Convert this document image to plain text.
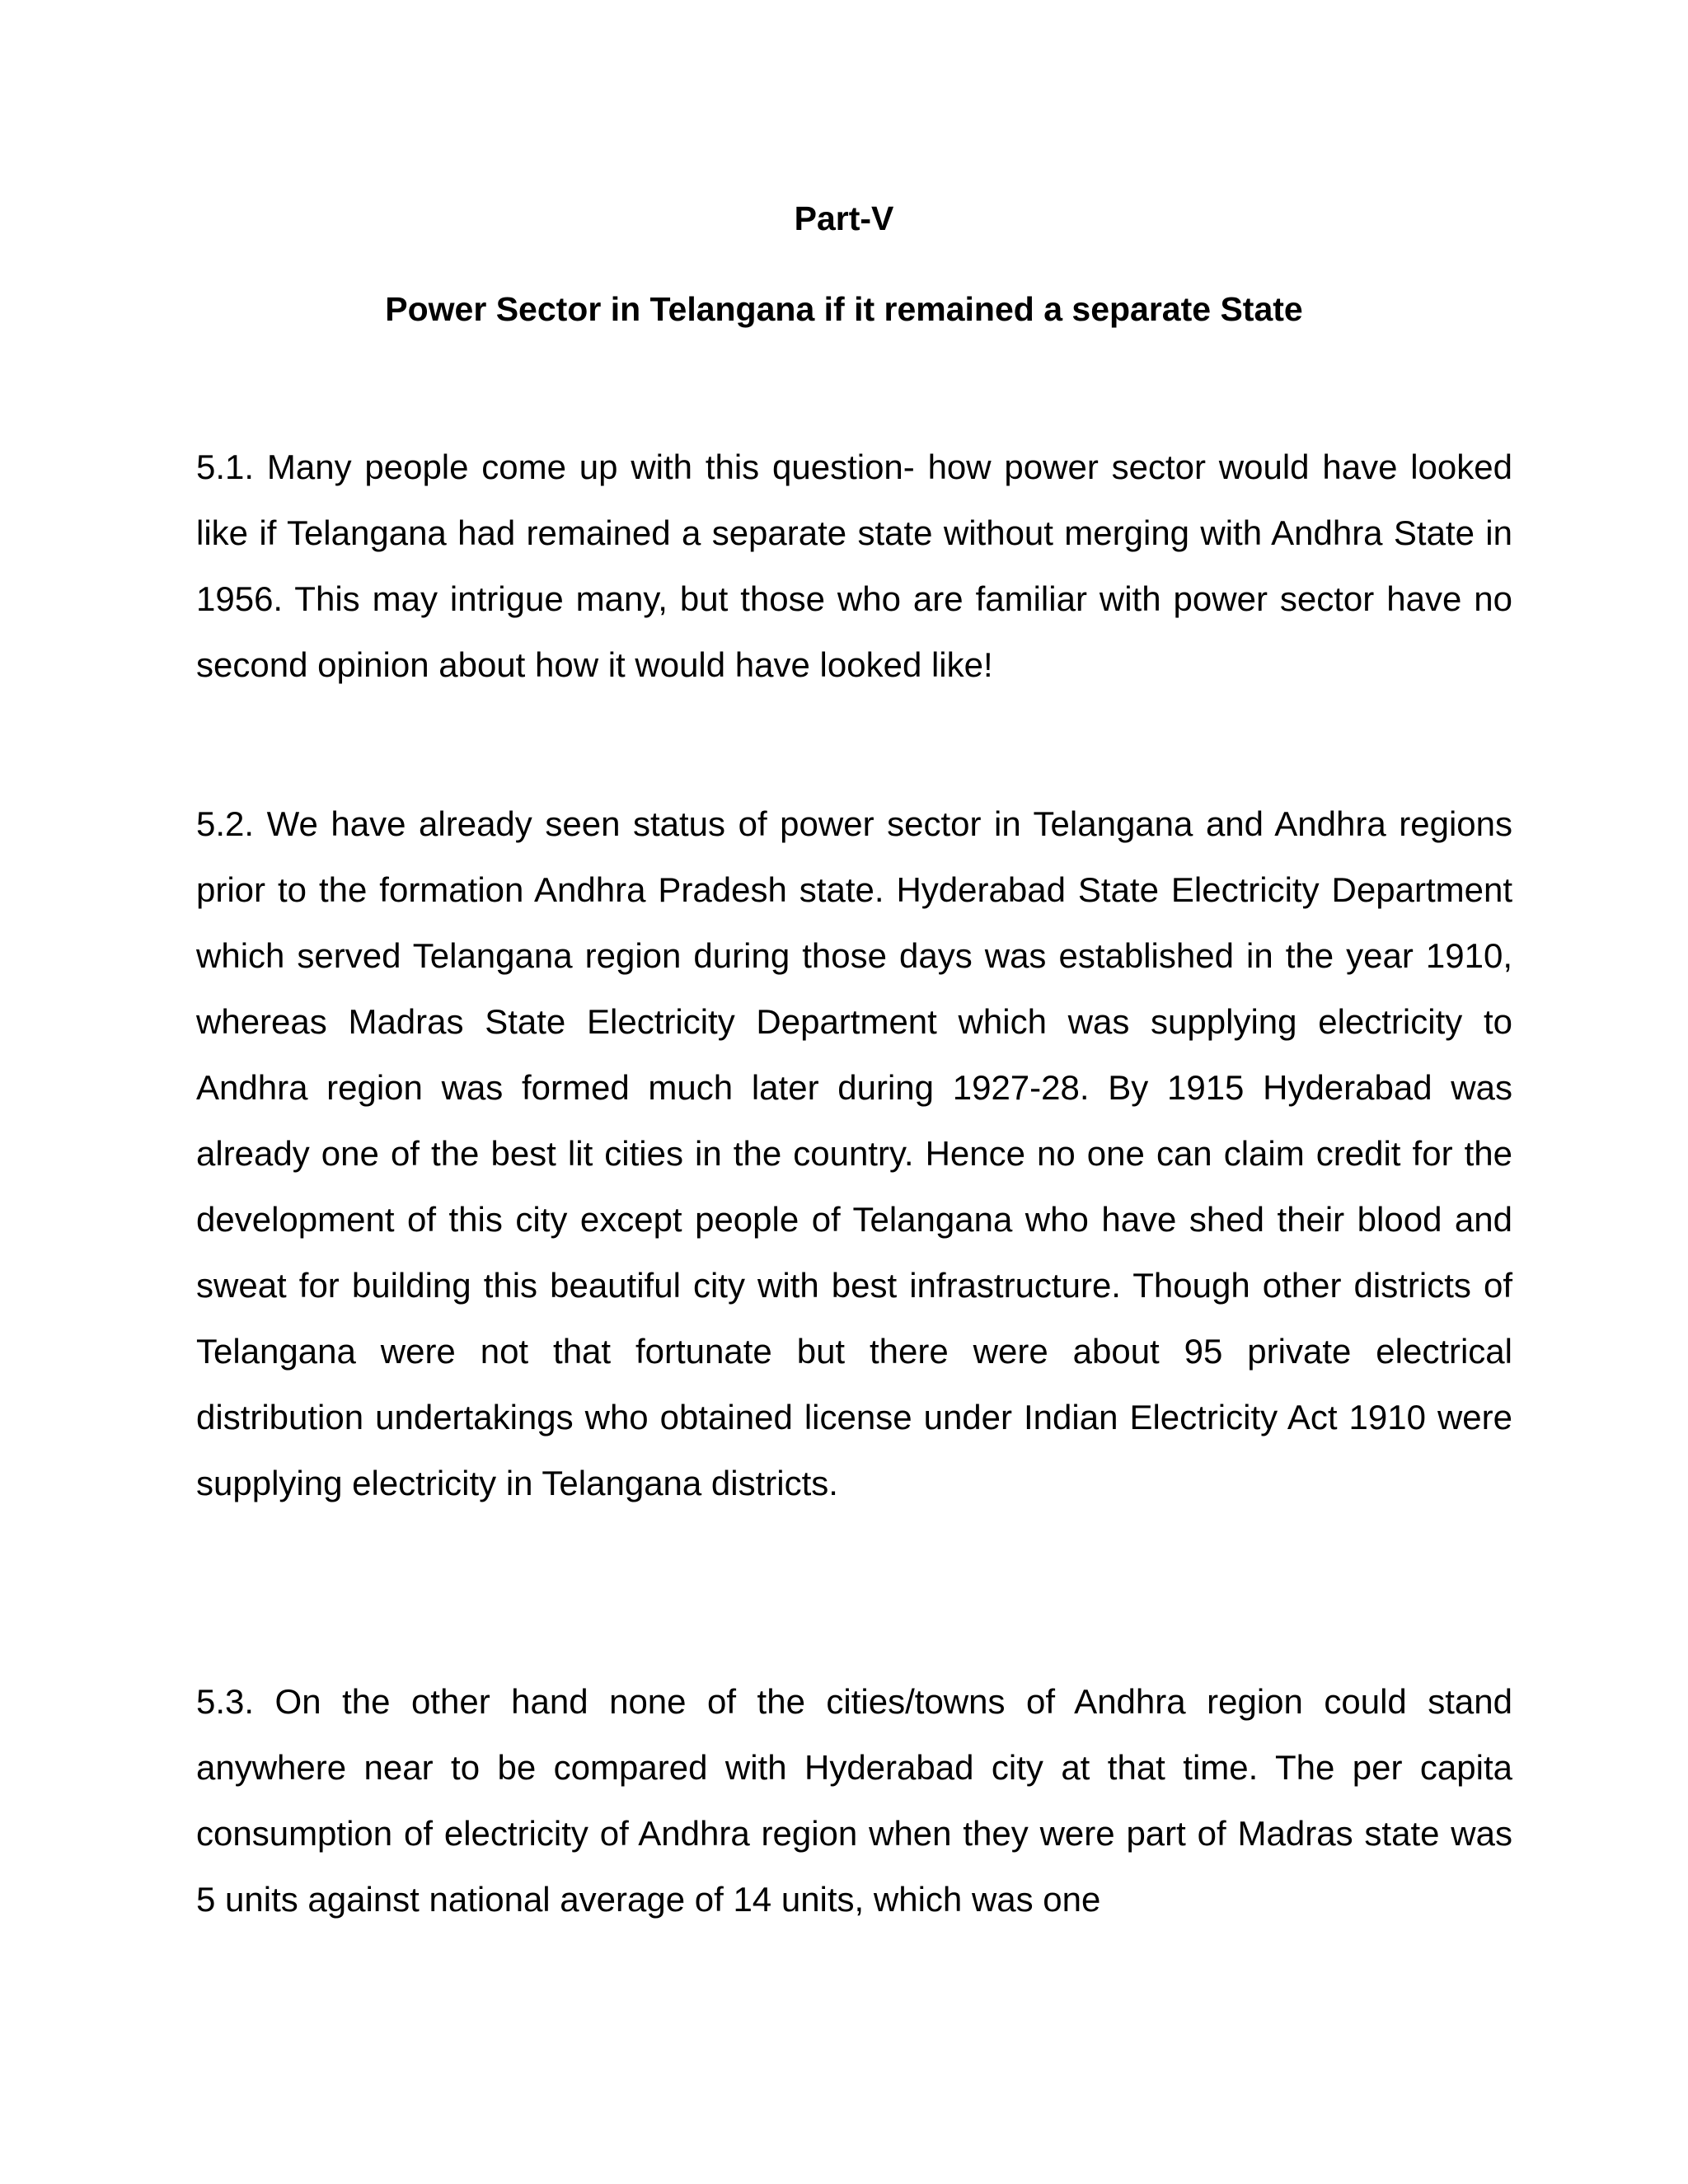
Part-V
Power Sector in Telangana if it remained a separate State

5.1. Many people come up with this question- how power sector would have looked like if Telangana had remained a separate state without merging with Andhra State in 1956. This may intrigue many, but those who are familiar with power sector have no second opinion about how it would have looked like!

5.2. We have already seen status of power sector in Telangana and Andhra regions prior to the formation Andhra Pradesh state. Hyderabad State Electricity Department which served Telangana region during those days was established in the year 1910, whereas Madras State Electricity Department which was supplying electricity to Andhra region was formed much later during 1927-28. By 1915 Hyderabad was already one of the best lit cities in the country. Hence no one can claim credit for the development of this city except people of Telangana who have shed their blood and sweat for building this beautiful city with best infrastructure. Though other districts of Telangana were not that fortunate but there were about 95 private electrical distribution undertakings who obtained license under Indian Electricity Act 1910 were supplying electricity in Telangana districts.

5.3. On the other hand none of the cities/towns of Andhra region could stand anywhere near to be compared with Hyderabad city at that time. The per capita consumption of electricity of Andhra region when they were part of Madras state was 5 units against national average of 14 units, which was one
